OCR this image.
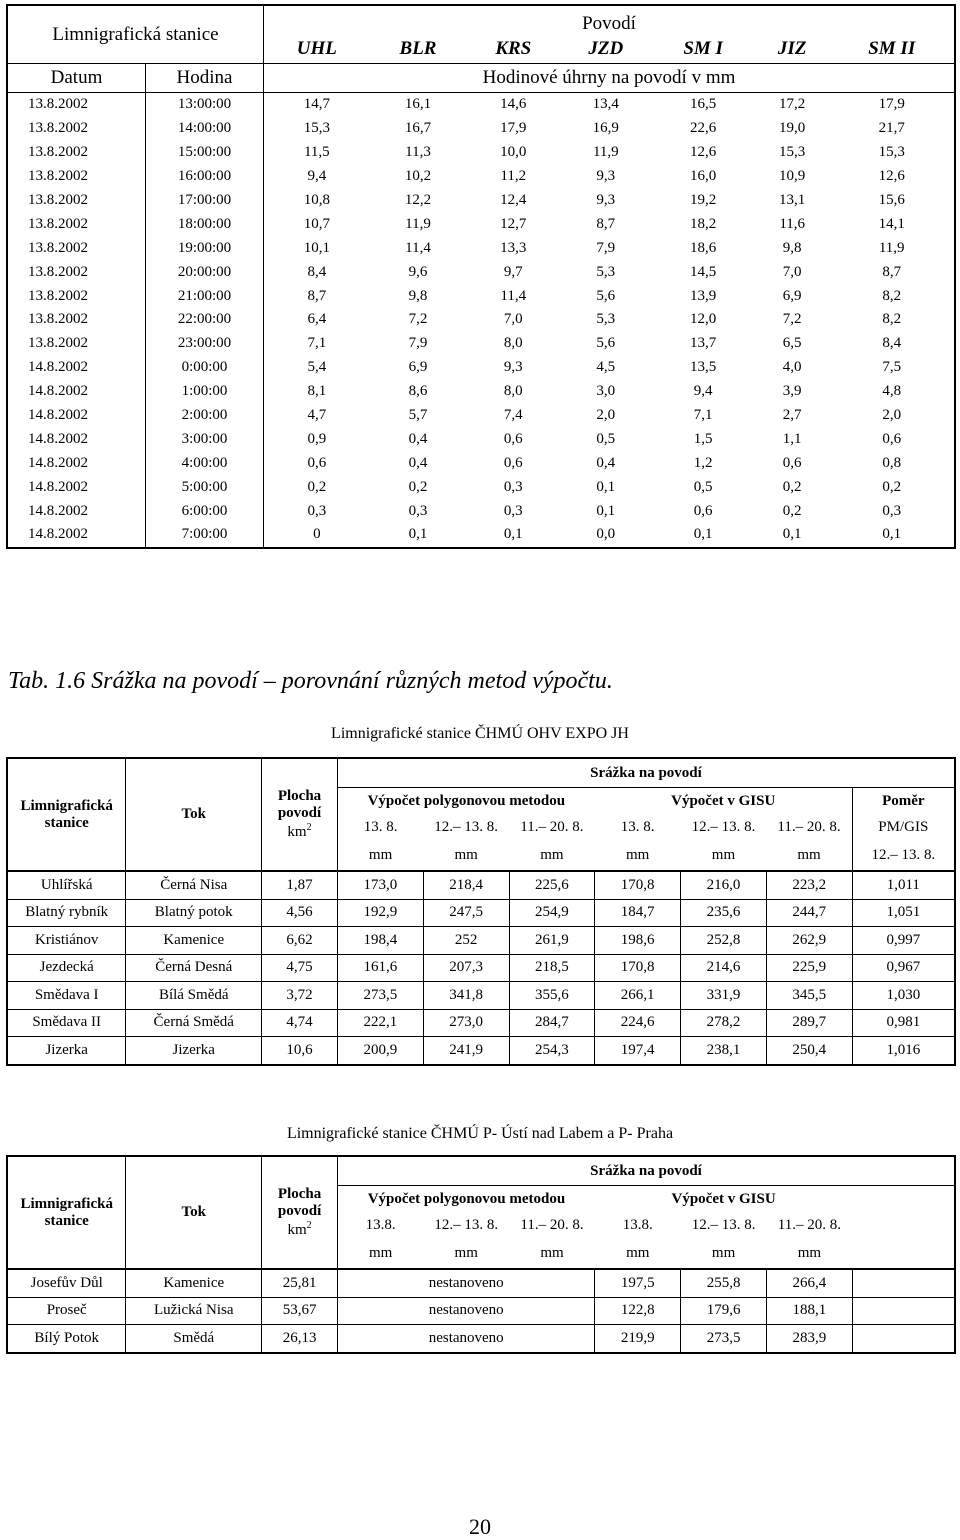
Limnigrafická stanice		Povodí						
		UHL	BLR	KRS	JZD	SM I	JIZ	SM II
Datum	Hodina	Hodinové úhrny na povodí v mm						
13.8.2002	13:00:00	14,7	16,1	14,6	13,4	16,5	17,2	17,9
13.8.2002	14:00:00	15,3	16,7	17,9	16,9	22,6	19,0	21,7
13.8.2002	15:00:00	11,5	11,3	10,0	11,9	12,6	15,3	15,3
13.8.2002	16:00:00	9,4	10,2	11,2	9,3	16,0	10,9	12,6
13.8.2002	17:00:00	10,8	12,2	12,4	9,3	19,2	13,1	15,6
13.8.2002	18:00:00	10,7	11,9	12,7	8,7	18,2	11,6	14,1
13.8.2002	19:00:00	10,1	11,4	13,3	7,9	18,6	9,8	11,9
13.8.2002	20:00:00	8,4	9,6	9,7	5,3	14,5	7,0	8,7
13.8.2002	21:00:00	8,7	9,8	11,4	5,6	13,9	6,9	8,2
13.8.2002	22:00:00	6,4	7,2	7,0	5,3	12,0	7,2	8,2
13.8.2002	23:00:00	7,1	7,9	8,0	5,6	13,7	6,5	8,4
14.8.2002	0:00:00	5,4	6,9	9,3	4,5	13,5	4,0	7,5
14.8.2002	1:00:00	8,1	8,6	8,0	3,0	9,4	3,9	4,8
14.8.2002	2:00:00	4,7	5,7	7,4	2,0	7,1	2,7	2,0
14.8.2002	3:00:00	0,9	0,4	0,6	0,5	1,5	1,1	0,6
14.8.2002	4:00:00	0,6	0,4	0,6	0,4	1,2	0,6	0,8
14.8.2002	5:00:00	0,2	0,2	0,3	0,1	0,5	0,2	0,2
14.8.2002	6:00:00	0,3	0,3	0,3	0,1	0,6	0,2	0,3
14.8.2002	7:00:00	0	0,1	0,1	0,0	0,1	0,1	0,1
Tab. 1.6 Srážka na povodí – porovnání různých metod výpočtu.
Limnigrafické stanice ČHMÚ OHV EXPO JH
Limnigrafická stanice	Tok	Plocha povodí
$km^2$	Srážka na povodí						
			Výpočet polygonovou metodou			Výpočet v GISU			Poměr
			13. 8.	12.– 13. 8.	11.– 20. 8.	13. 8.	12.– 13. 8.	11.– 20. 8.	PM/GIS
			mm	mm	mm	mm	mm	mm	12.– 13. 8.
Uhlířská	Černá Nisa	1,87	173,0	218,4	225,6	170,8	216,0	223,2	1,011
Blatný rybník	Blatný potok	4,56	192,9	247,5	254,9	184,7	235,6	244,7	1,051
Kristiánov	Kamenice	6,62	198,4	252	261,9	198,6	252,8	262,9	0,997
Jezdecká	Černá Desná	4,75	161,6	207,3	218,5	170,8	214,6	225,9	0,967
Smědava I	Bílá Smědá	3,72	273,5	341,8	355,6	266,1	331,9	345,5	1,030
Smědava II	Černá Smědá	4,74	222,1	273,0	284,7	224,6	278,2	289,7	0,981
Jizerka	Jizerka	10,6	200,9	241,9	254,3	197,4	238,1	250,4	1,016
Limnigrafické stanice ČHMÚ P- Ústí nad Labem a P- Praha
Limnigrafická stanice	Tok	Plocha povodí
$km^2$	Srážka na povodí						
			Výpočet polygonovou metodou			Výpočet v GISU			
			13.8.	12.– 13. 8.	11.– 20. 8.	13.8.	12.– 13. 8.	11.– 20. 8.	
			mm	mm	mm	mm	mm	mm	
Josefův Důl	Kamenice	25,81	nestanoveno			197,5	255,8	266,4	
Proseč	Lužická Nisa	53,67	nestanoveno			122,8	179,6	188,1	
Bílý Potok	Smědá	26,13	nestanoveno			219,9	273,5	283,9	
20
